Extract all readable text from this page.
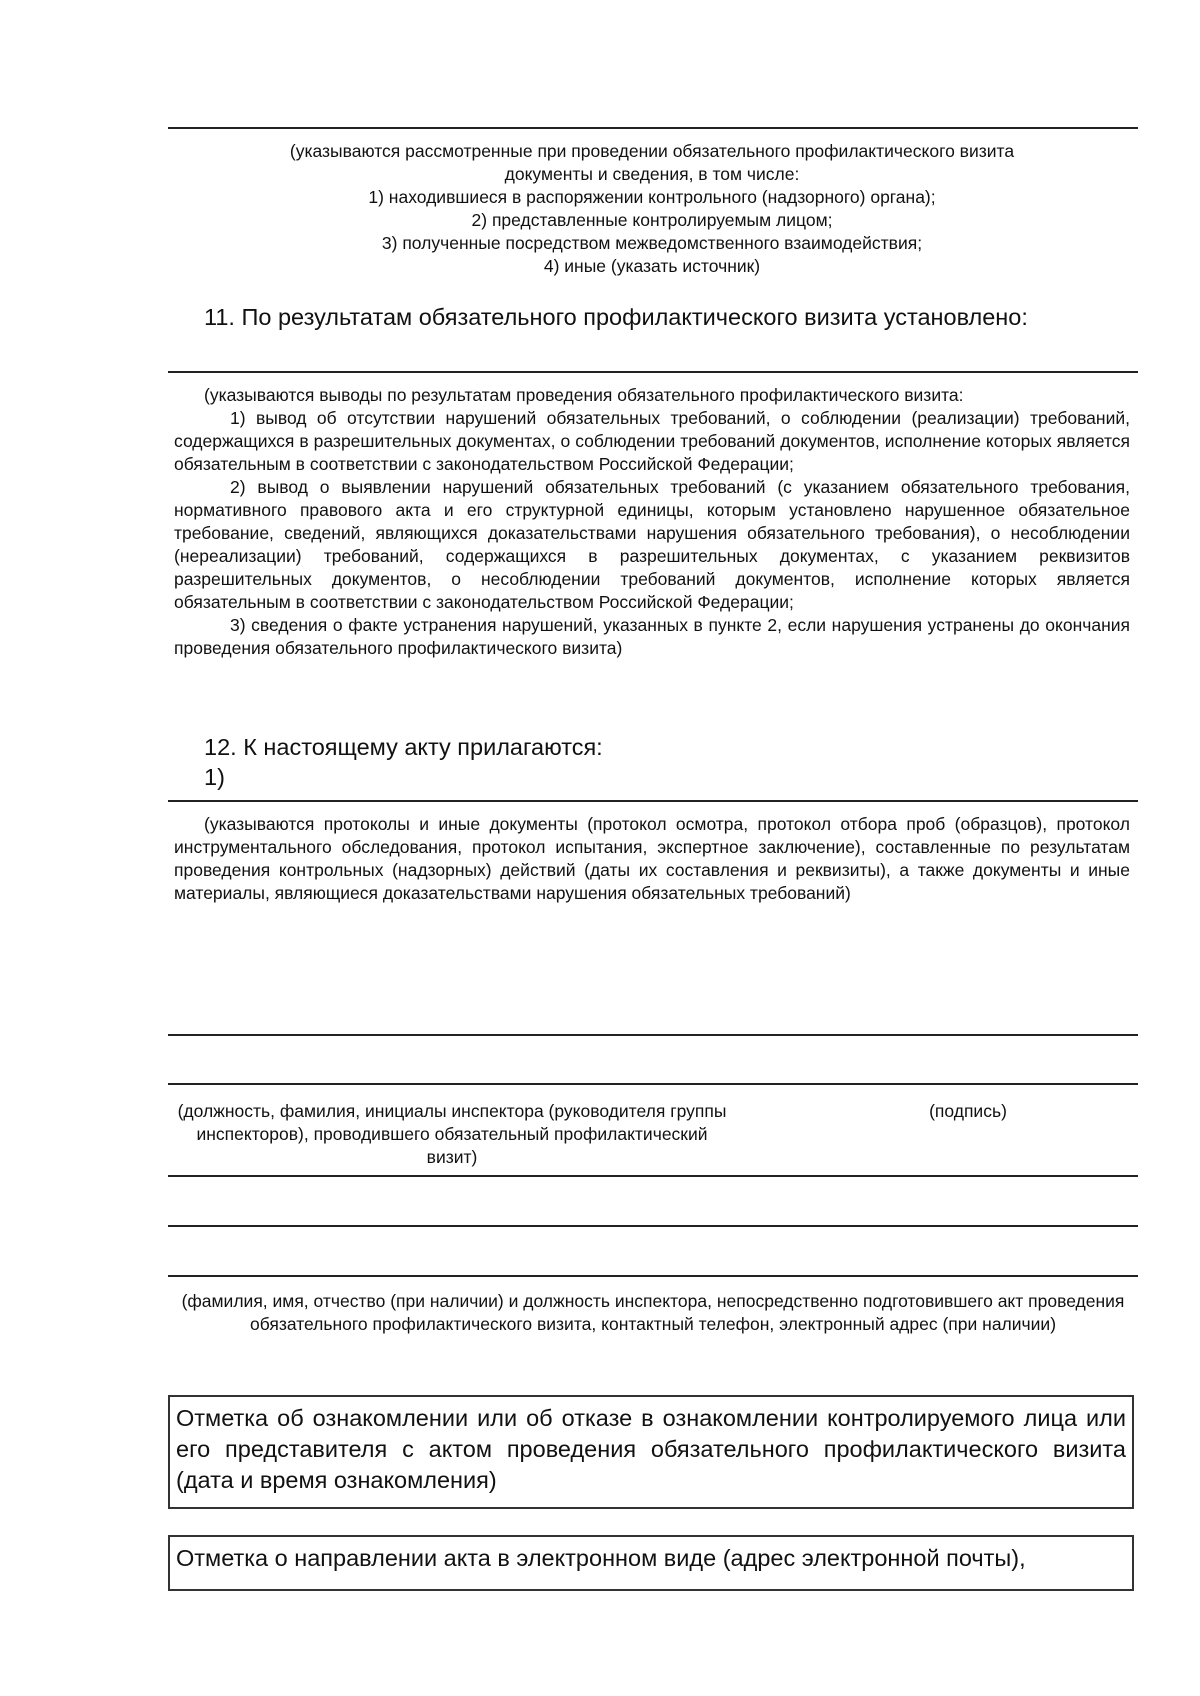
(указываются рассмотренные при проведении обязательного профилактического визита
документы и сведения, в том числе:
1) находившиеся в распоряжении контрольного (надзорного) органа);
2) представленные контролируемым лицом;
3) полученные посредством межведомственного взаимодействия;
4) иные (указать источник)
11. По результатам обязательного профилактического визита установлено:
(указываются выводы по результатам проведения обязательного профилактического визита:
1) вывод об отсутствии нарушений обязательных требований, о соблюдении (реализации) требований, содержащихся в разрешительных документах, о соблюдении требований документов, исполнение которых является обязательным в соответствии с законодательством Российской Федерации;
2) вывод о выявлении нарушений обязательных требований (с указанием обязательного требования, нормативного правового акта и его структурной единицы, которым установлено нарушенное обязательное требование, сведений, являющихся доказательствами нарушения обязательного требования), о несоблюдении (нереализации) требований, содержащихся в разрешительных документах, с указанием реквизитов разрешительных документов, о несоблюдении требований документов, исполнение которых является обязательным в соответствии с законодательством Российской Федерации;
3) сведения о факте устранения нарушений, указанных в пункте 2, если нарушения устранены до окончания проведения обязательного профилактического визита)
12. К настоящему акту прилагаются:
1)
(указываются протоколы и иные документы (протокол осмотра, протокол отбора проб (образцов), протокол инструментального обследования, протокол испытания, экспертное заключение), составленные по результатам проведения контрольных (надзорных) действий (даты их составления и реквизиты), а также документы и иные материалы, являющиеся доказательствами нарушения обязательных требований)
(должность, фамилия, инициалы инспектора (руководителя группы инспекторов), проводившего обязательный профилактический визит)
(подпись)
(фамилия, имя, отчество (при наличии) и должность инспектора, непосредственно подготовившего акт проведения обязательного профилактического визита, контактный телефон, электронный адрес (при наличии)

Отметка об ознакомлении или об отказе в ознакомлении контролируемого лица или его представителя с актом проведения обязательного профилактического визита (дата и время ознакомления)

Отметка о направлении акта в электронном виде (адрес электронной почты),
